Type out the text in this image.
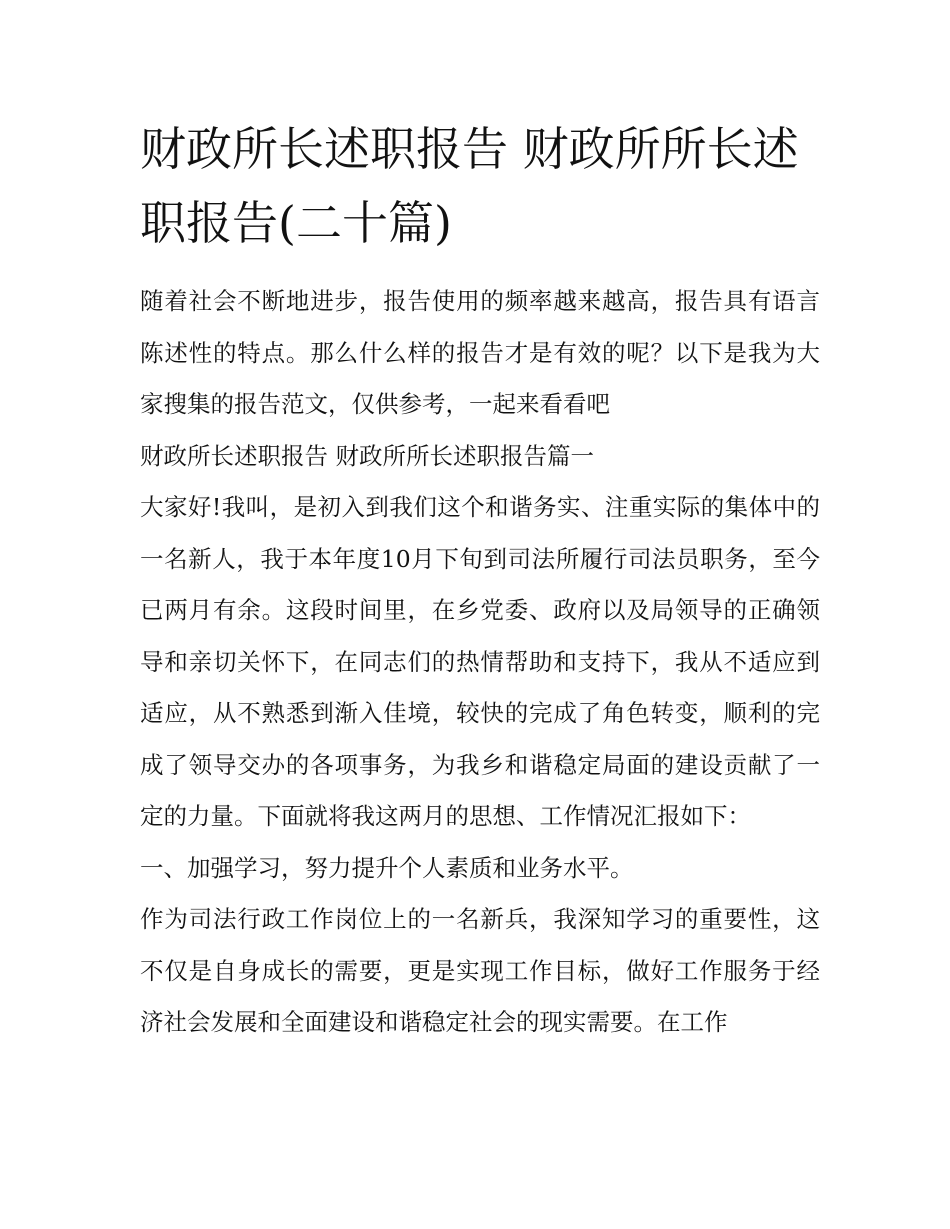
财政所长述职报告 财政所所长述职报告(二十篇)

随着社会不断地进步，报告使用的频率越来越高，报告具有语言陈述性的特点。那么什么样的报告才是有效的呢？以下是我为大家搜集的报告范文，仅供参考，一起来看看吧

财政所长述职报告 财政所所长述职报告篇一

大家好!我叫，是初入到我们这个和谐务实、注重实际的集体中的一名新人，我于本年度10月下旬到司法所履行司法员职务，至今已两月有余。这段时间里，在乡党委、政府以及局领导的正确领导和亲切关怀下，在同志们的热情帮助和支持下，我从不适应到适应，从不熟悉到渐入佳境，较快的完成了角色转变，顺利的完成了领导交办的各项事务，为我乡和谐稳定局面的建设贡献了一定的力量。下面就将我这两月的思想、工作情况汇报如下：

一、加强学习，努力提升个人素质和业务水平。

作为司法行政工作岗位上的一名新兵，我深知学习的重要性，这不仅是自身成长的需要，更是实现工作目标，做好工作服务于经济社会发展和全面建设和谐稳定社会的现实需要。在工作
